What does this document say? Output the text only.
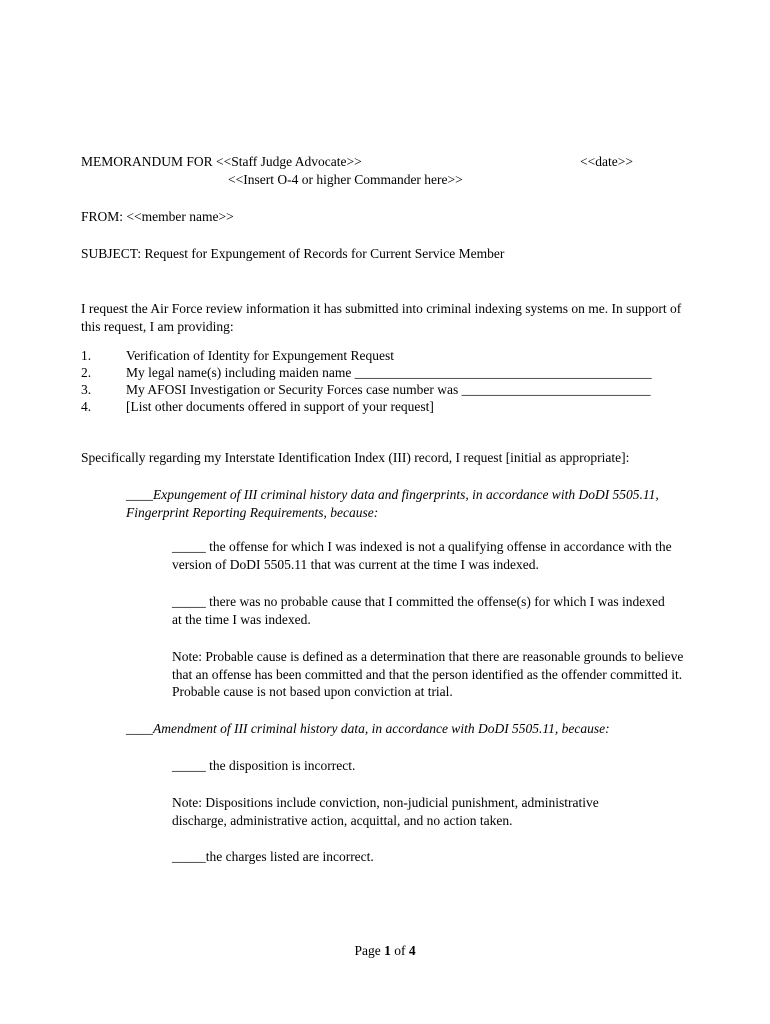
MEMORANDUM FOR <<Staff Judge Advocate>>	<<date>>
<<Insert O-4 or higher Commander here>>
FROM: <<member name>>
SUBJECT: Request for Expungement of Records for Current Service Member
I request the Air Force review information it has submitted into criminal indexing systems on me. In support of this request, I am providing:
1.	Verification of Identity for Expungement Request
2.	My legal name(s) including maiden name ____________________________________________
3.	My AFOSI Investigation or Security Forces case number was ____________________________
4.	[List other documents offered in support of your request]
Specifically regarding my Interstate Identification Index (III) record, I request [initial as appropriate]:
____Expungement of III criminal history data and fingerprints, in accordance with DoDI 5505.11, Fingerprint Reporting Requirements, because:
_____ the offense for which I was indexed is not a qualifying offense in accordance with the version of DoDI 5505.11 that was current at the time I was indexed.
_____ there was no probable cause that I committed the offense(s) for which I was indexed at the time I was indexed.
Note: Probable cause is defined as a determination that there are reasonable grounds to believe that an offense has been committed and that the person identified as the offender committed it. Probable cause is not based upon conviction at trial.
____Amendment of III criminal history data, in accordance with DoDI 5505.11, because:
_____ the disposition is incorrect.
Note: Dispositions include conviction, non-judicial punishment, administrative discharge, administrative action, acquittal, and no action taken.
_____the charges listed are incorrect.
Page 1 of 4
